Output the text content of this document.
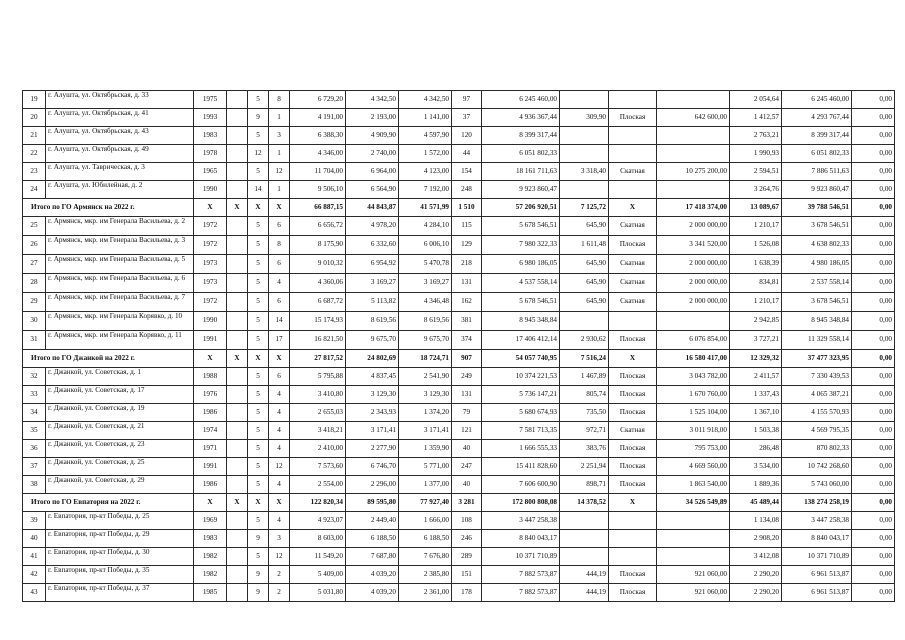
19	г. Алушта, ул. Октябрьская, д. 33	1975		5	8	6 729,20	4 342,50	4 342,50	97	6 245 460,00				2 054,64	6 245 460,00	0,00
20	г. Алушта, ул. Октябрьская, д. 41	1993		9	1	4 191,00	2 193,00	1 141,00	37	4 936 367,44	309,90	Плоская	642 600,00	1 412,57	4 293 767,44	0,00
21	г. Алушта, ул. Октябрьская, д. 43	1983		5	3	6 388,30	4 909,90	4 597,90	120	8 399 317,44				2 763,21	8 399 317,44	0,00
22	г. Алушта, ул. Октябрьская, д. 49	1978		12	1	4 346,00	2 740,00	1 572,00	44	6 051 802,33				1 990,93	6 051 802,33	0,00
23	г. Алушта, ул. Таврическая, д. 3	1965		5	12	11 704,00	6 964,00	4 123,00	154	18 161 711,63	3 318,40	Скатная	10 275 200,00	2 594,51	7 886 511,63	0,00
24	г. Алушта, ул. Юбилейная, д. 2	1990		14	1	9 506,10	6 564,90	7 192,00	248	9 923 860,47				3 264,76	9 923 860,47	0,00
Итого по ГО Армянск на 2022 г.		X	X	X	X	66 887,15	44 843,87	41 571,99	1 510	57 206 920,51	7 125,72	X	17 418 374,00	13 089,67	39 788 546,51	0,00
25	г. Армянск, мкр. им Генерала Васильева, д. 2	1972		5	6	6 656,72	4 978,20	4 284,10	115	5 678 546,51	645,90	Скатная	2 000 000,00	1 210,17	3 678 546,51	0,00
26	г. Армянск, мкр. им Генерала Васильева, д. 3	1972		5	8	8 175,90	6 332,60	6 006,10	129	7 980 322,33	1 611,48	Плоская	3 341 520,00	1 526,08	4 638 802,33	0,00
27	г. Армянск, мкр. им Генерала Васильева, д. 5	1973		5	6	9 010,32	6 954,92	5 470,78	218	6 980 186,05	645,90	Скатная	2 000 000,00	1 638,39	4 980 186,05	0,00
28	г. Армянск, мкр. им Генерала Васильева, д. 6	1973		5	4	4 360,06	3 169,27	3 169,27	131	4 537 558,14	645,90	Скатная	2 000 000,00	834,81	2 537 558,14	0,00
29	г. Армянск, мкр. им Генерала Васильева, д. 7	1972		5	6	6 687,72	5 113,82	4 346,48	162	5 678 546,51	645,90	Скатная	2 000 000,00	1 210,17	3 678 546,51	0,00
30	г. Армянск, мкр. им Генерала Корявко, д. 10	1990		5	14	15 174,93	8 619,56	8 619,56	381	8 945 348,84				2 942,85	8 945 348,84	0,00
31	г. Армянск, мкр. им Генерала Корявко, д. 11	1991		5	17	16 821,50	9 675,70	9 675,70	374	17 406 412,14	2 930,62	Плоская	6 076 854,00	3 727,21	11 329 558,14	0,00
Итого по ГО Джанкой на 2022 г.		X	X	X	X	27 817,52	24 802,69	18 724,71	907	54 057 740,95	7 516,24	X	16 580 417,00	12 329,32	37 477 323,95	0,00
32	г. Джанкой, ул. Советская, д. 1	1988		5	6	5 795,88	4 837,45	2 541,90	249	10 374 221,53	1 467,89	Плоская	3 043 782,00	2 411,57	7 330 439,53	0,00
33	г. Джанкой, ул. Советская, д. 17	1976		5	4	3 410,80	3 129,30	3 129,30	131	5 736 147,21	805,74	Плоская	1 670 760,00	1 337,43	4 065 387,21	0,00
34	г. Джанкой, ул. Советская, д. 19	1986		5	4	2 655,03	2 343,93	1 374,20	79	5 680 674,93	735,50	Плоская	1 525 104,00	1 367,10	4 155 570,93	0,00
35	г. Джанкой, ул. Советская, д. 21	1974		5	4	3 418,21	3 171,41	3 171,41	121	7 581 713,35	972,71	Скатная	3 011 918,00	1 503,38	4 569 795,35	0,00
36	г. Джанкой, ул. Советская, д. 23	1971		5	4	2 410,00	2 277,90	1 359,90	40	1 666 555,33	383,76	Плоская	795 753,00	286,48	870 802,33	0,00
37	г. Джанкой, ул. Советская, д. 25	1991		5	12	7 573,60	6 746,70	5 771,00	247	15 411 828,60	2 251,94	Плоская	4 669 560,00	3 534,00	10 742 268,60	0,00
38	г. Джанкой, ул. Советская, д. 29	1986		5	4	2 554,00	2 296,00	1 377,00	40	7 606 600,90	898,71	Плоская	1 863 540,00	1 889,36	5 743 060,00	0,00
Итого по ГО Евпатория на 2022 г.		X	X	X	X	122 820,34	89 595,80	77 927,40	3 281	172 800 808,08	14 378,52	X	34 526 549,89	45 489,44	138 274 258,19	0,00
39	г. Евпатория, пр-кт Победы, д. 25	1969		5	4	4 923,07	2 449,40	1 666,00	108	3 447 258,38				1 134,08	3 447 258,38	0,00
40	г. Евпатория, пр-кт Победы, д. 29	1983		9	3	8 603,00	6 188,50	6 188,50	246	8 840 043,17				2 908,20	8 840 043,17	0,00
41	г. Евпатория, пр-кт Победы, д. 30	1982		5	12	11 549,20	7 687,80	7 676,80	289	10 371 710,89				3 412,08	10 371 710,89	0,00
42	г. Евпатория, пр-кт Победы, д. 35	1982		9	2	5 409,00	4 039,20	2 385,80	151	7 882 573,87	444,19	Плоская	921 060,00	2 290,20	6 961 513,87	0,00
43	г. Евпатория, пр-кт Победы, д. 37	1985		9	2	5 031,80	4 039,20	2 361,00	178	7 882 573,87	444,19	Плоская	921 060,00	2 290,20	6 961 513,87	0,00
